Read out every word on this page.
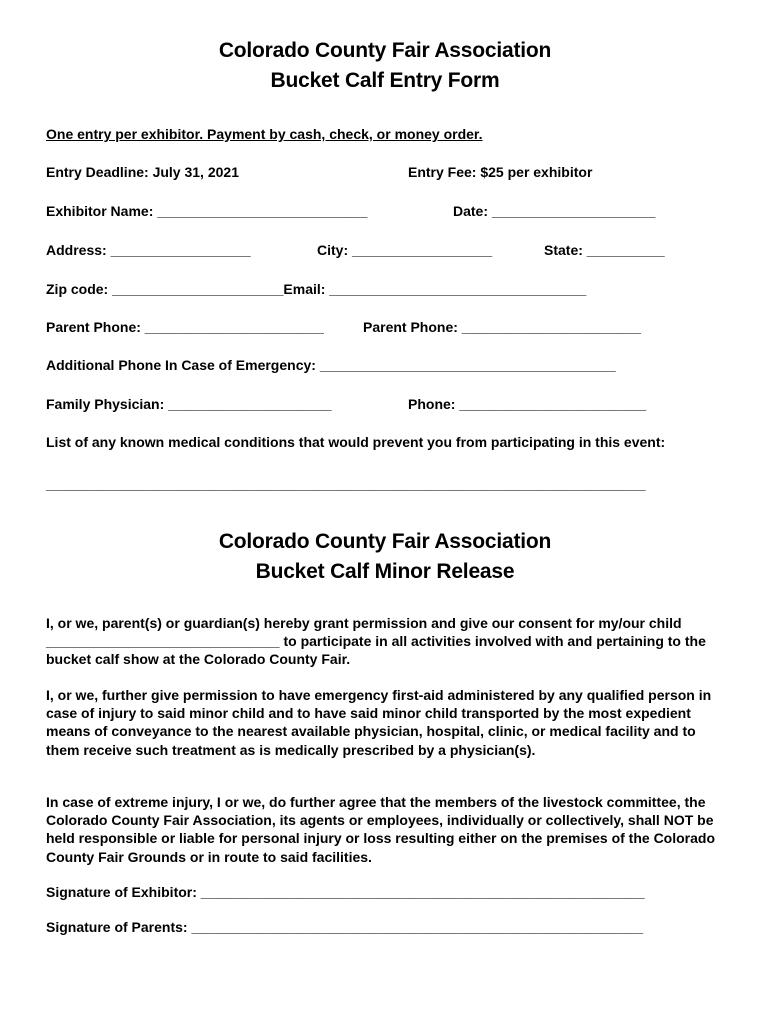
Colorado County Fair Association
Bucket Calf Entry Form
One entry per exhibitor. Payment by cash, check, or money order.
Entry Deadline: July 31, 2021	Entry Fee: $25 per exhibitor
Exhibitor Name: ___________________________	Date: _____________________
Address: __________________	City: __________________	State: __________
Zip code: ______________________Email: _________________________________
Parent Phone: _______________________	Parent Phone: _______________________
Additional Phone In Case of Emergency: ______________________________________
Family Physician: _____________________	Phone: ________________________
List of any known medical conditions that would prevent you from participating in this event:
_____________________________________________________________________________
Colorado County Fair Association
Bucket Calf Minor Release
I, or we, parent(s) or guardian(s) hereby grant permission and give our consent for my/our child ______________________________ to participate in all activities involved with and pertaining to the bucket calf show at the Colorado County Fair.
I, or we, further give permission to have emergency first-aid administered by any qualified person in case of injury to said minor child and to have said minor child transported by the most expedient means of conveyance to the nearest available physician, hospital, clinic, or medical facility and to them receive such treatment as is medically prescribed by a physician(s).
In case of extreme injury, I or we, do further agree that the members of the livestock committee, the Colorado County Fair Association, its agents or employees, individually or collectively, shall NOT be held responsible or liable for personal injury or loss resulting either on the premises of the Colorado County Fair Grounds or in route to said facilities.
Signature of Exhibitor: _________________________________________________________
Signature of Parents: __________________________________________________________
